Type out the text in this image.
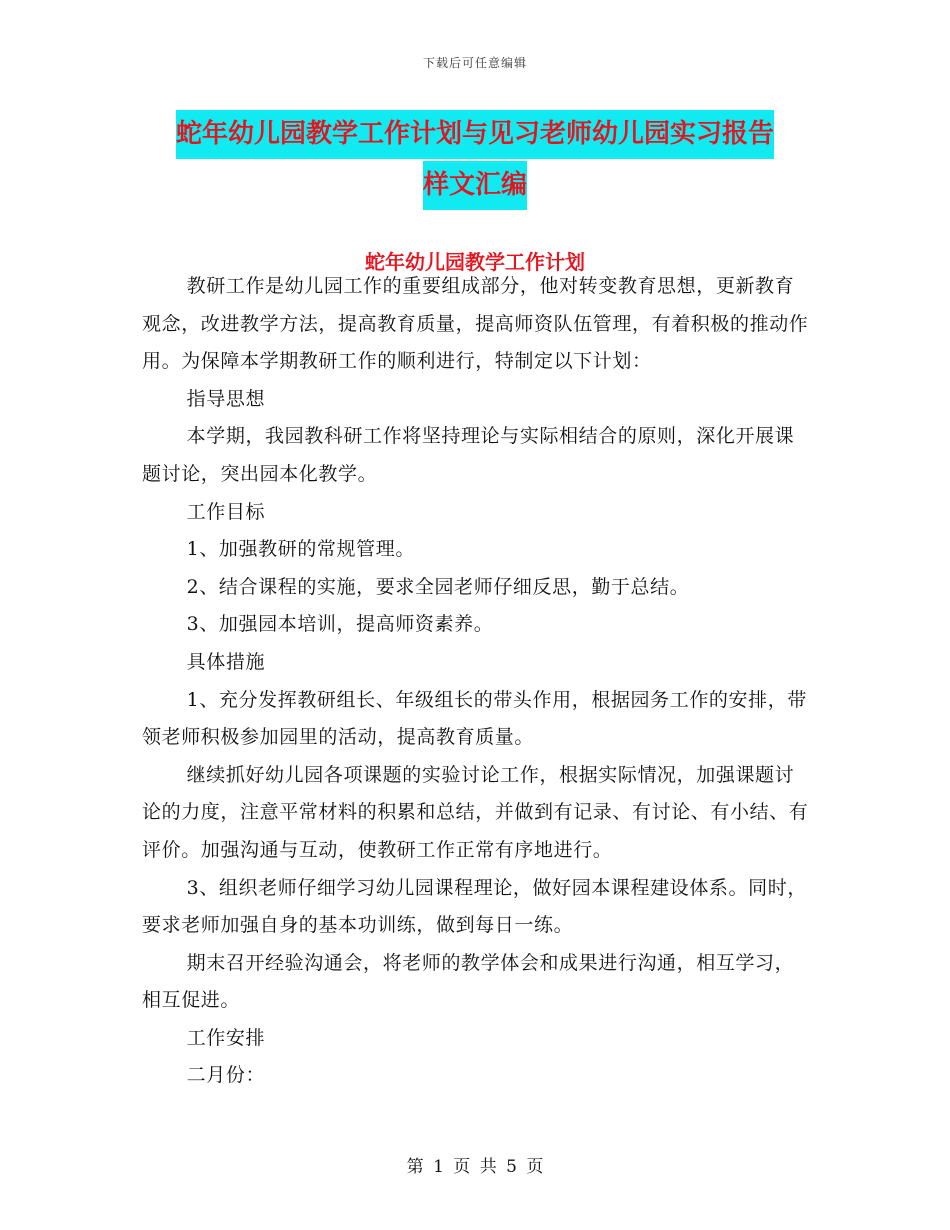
下载后可任意编辑
蛇年幼儿园教学工作计划与见习老师幼儿园实习报告
样文汇编
蛇年幼儿园教学工作计划

教研工作是幼儿园工作的重要组成部分，他对转变教育思想，更新教育观念，改进教学方法，提高教育质量，提高师资队伍管理，有着积极的推动作用。为保障本学期教研工作的顺利进行，特制定以下计划：

指导思想

本学期，我园教科研工作将坚持理论与实际相结合的原则，深化开展课题讨论，突出园本化教学。

工作目标

1、加强教研的常规管理。

2、结合课程的实施，要求全园老师仔细反思，勤于总结。

3、加强园本培训，提高师资素养。

具体措施

1、充分发挥教研组长、年级组长的带头作用，根据园务工作的安排，带领老师积极参加园里的活动，提高教育质量。

继续抓好幼儿园各项课题的实验讨论工作，根据实际情况，加强课题讨论的力度，注意平常材料的积累和总结，并做到有记录、有讨论、有小结、有评价。加强沟通与互动，使教研工作正常有序地进行。

3、组织老师仔细学习幼儿园课程理论，做好园本课程建设体系。同时，要求老师加强自身的基本功训练，做到每日一练。

期末召开经验沟通会，将老师的教学体会和成果进行沟通，相互学习，相互促进。

工作安排

二月份：

第 1 页 共 5 页
